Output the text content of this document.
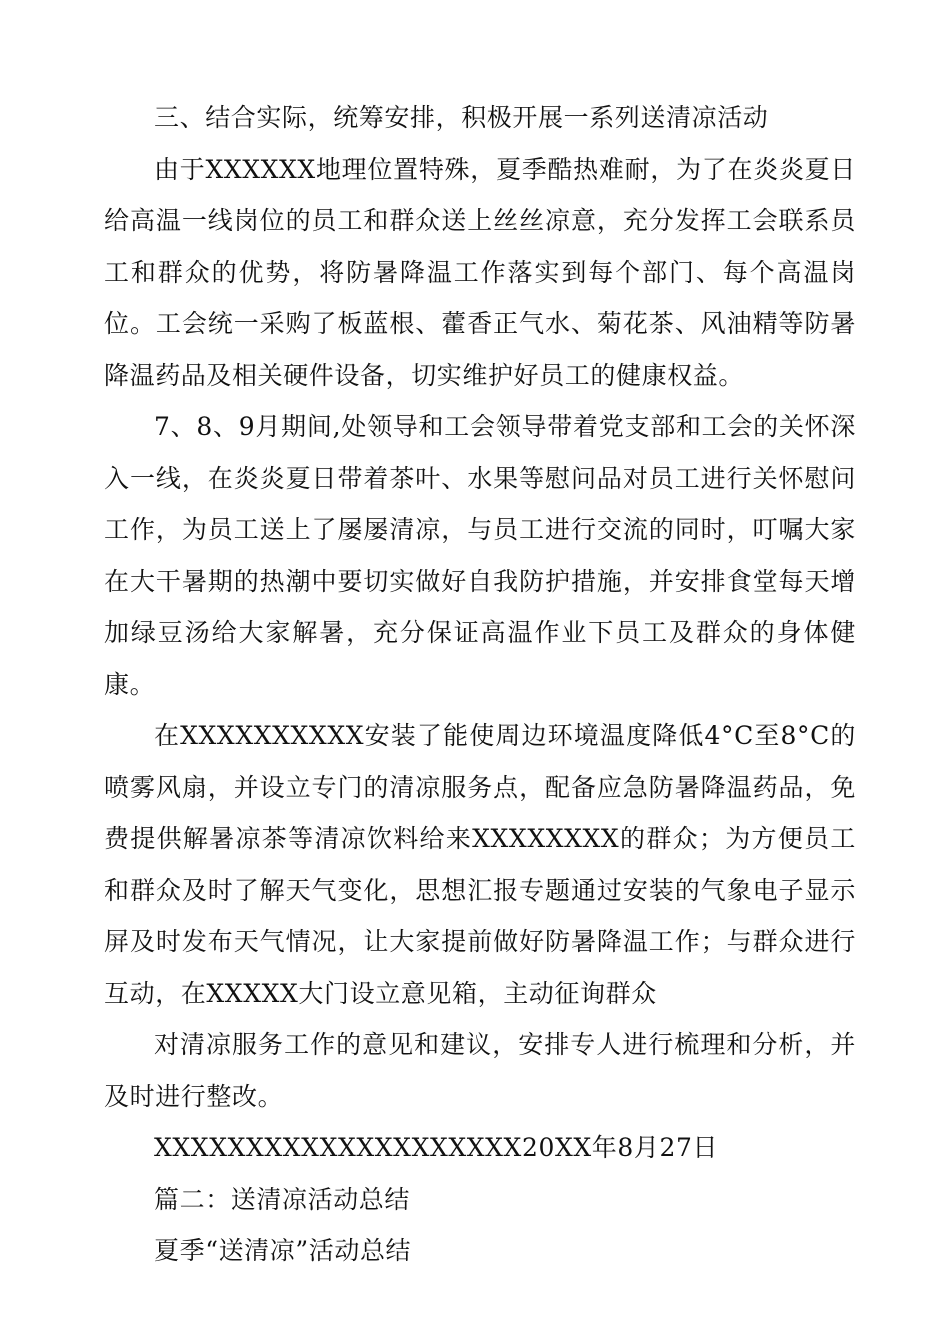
三、结合实际，统筹安排，积极开展一系列送清凉活动

由于XXXXXX地理位置特殊，夏季酷热难耐，为了在炎炎夏日给高温一线岗位的员工和群众送上丝丝凉意，充分发挥工会联系员工和群众的优势，将防暑降温工作落实到每个部门、每个高温岗位。工会统一采购了板蓝根、藿香正气水、菊花茶、风油精等防暑降温药品及相关硬件设备，切实维护好员工的健康权益。

7、8、9月期间,处领导和工会领导带着党支部和工会的关怀深入一线，在炎炎夏日带着茶叶、水果等慰问品对员工进行关怀慰问工作，为员工送上了屡屡清凉，与员工进行交流的同时，叮嘱大家在大干暑期的热潮中要切实做好自我防护措施，并安排食堂每天增加绿豆汤给大家解暑，充分保证高温作业下员工及群众的身体健康。

在XXXXXXXXXX安装了能使周边环境温度降低4°C至8°C的喷雾风扇，并设立专门的清凉服务点，配备应急防暑降温药品，免费提供解暑凉茶等清凉饮料给来XXXXXXXX的群众；为方便员工和群众及时了解天气变化，思想汇报专题通过安装的气象电子显示屏及时发布天气情况，让大家提前做好防暑降温工作；与群众进行互动，在XXXXX大门设立意见箱，主动征询群众

对清凉服务工作的意见和建议，安排专人进行梳理和分析，并及时进行整改。

XXXXXXXXXXXXXXXXXXXX20XX年8月27日

篇二：送清凉活动总结

夏季“送清凉”活动总结
